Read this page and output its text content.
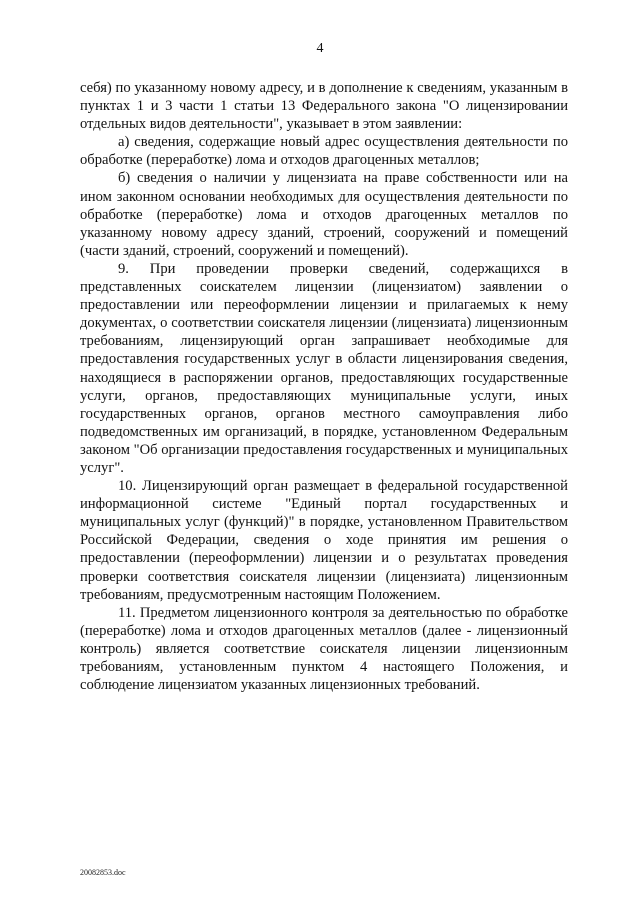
4

себя) по указанному новому адресу, и в дополнение к сведениям, указанным в пунктах 1 и 3 части 1 статьи 13 Федерального закона "О лицензировании отдельных видов деятельности", указывает в этом заявлении:

а) сведения, содержащие новый адрес осуществления деятельности по обработке (переработке) лома и отходов драгоценных металлов;

б) сведения о наличии у лицензиата на праве собственности или на ином законном основании необходимых для осуществления деятельности по обработке (переработке) лома и отходов драгоценных металлов по указанному новому адресу зданий, строений, сооружений и помещений (части зданий, строений, сооружений и помещений).

9. При проведении проверки сведений, содержащихся в представленных соискателем лицензии (лицензиатом) заявлении о предоставлении или переоформлении лицензии и прилагаемых к нему документах, о соответствии соискателя лицензии (лицензиата) лицензионным требованиям, лицензирующий орган запрашивает необходимые для предоставления государственных услуг в области лицензирования сведения, находящиеся в распоряжении органов, предоставляющих государственные услуги, органов, предоставляющих муниципальные услуги, иных государственных органов, органов местного самоуправления либо подведомственных им организаций, в порядке, установленном Федеральным законом "Об организации предоставления государственных и муниципальных услуг".

10. Лицензирующий орган размещает в федеральной государственной информационной системе "Единый портал государственных и муниципальных услуг (функций)" в порядке, установленном Правительством Российской Федерации, сведения о ходе принятия им решения о предоставлении (переоформлении) лицензии и о результатах проведения проверки соответствия соискателя лицензии (лицензиата) лицензионным требованиям, предусмотренным настоящим Положением.

11. Предметом лицензионного контроля за деятельностью по обработке (переработке) лома и отходов драгоценных металлов (далее - лицензионный контроль) является соответствие соискателя лицензии лицензионным требованиям, установленным пунктом 4 настоящего Положения, и соблюдение лицензиатом указанных лицензионных требований.

20082853.doc
